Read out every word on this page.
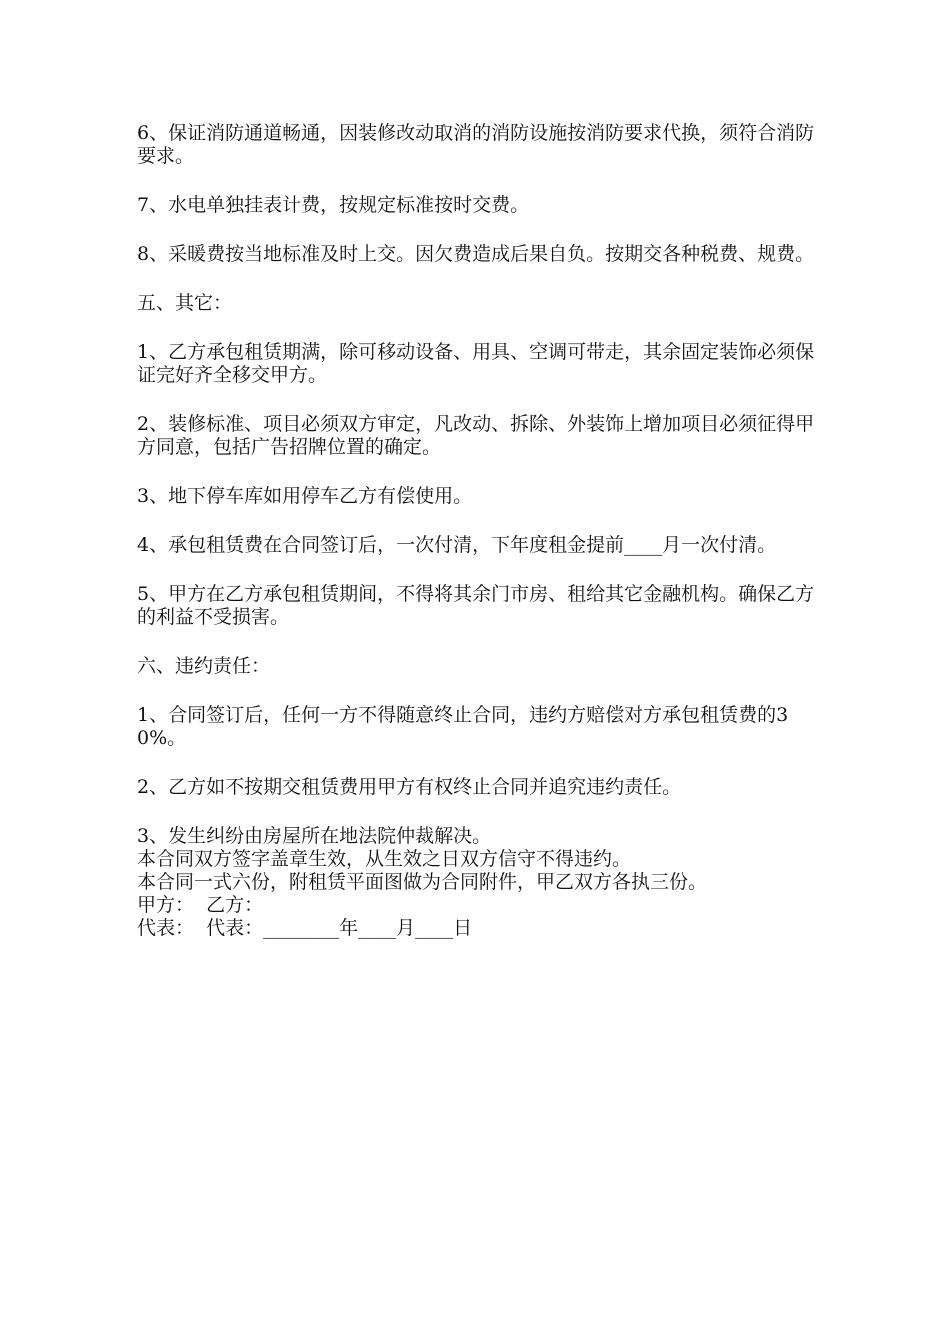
6、保证消防通道畅通，因装修改动取消的消防设施按消防要求代换，须符合消防要求。

7、水电单独挂表计费，按规定标准按时交费。

8、采暖费按当地标准及时上交。因欠费造成后果自负。按期交各种税费、规费。

五、其它：

1、乙方承包租赁期满，除可移动设备、用具、空调可带走，其余固定装饰必须保证完好齐全移交甲方。

2、装修标准、项目必须双方审定，凡改动、拆除、外装饰上增加项目必须征得甲方同意，包括广告招牌位置的确定。

3、地下停车库如用停车乙方有偿使用。

4、承包租赁费在合同签订后，一次付清，下年度租金提前____月一次付清。

5、甲方在乙方承包租赁期间，不得将其余门市房、租给其它金融机构。确保乙方的利益不受损害。

六、违约责任：

1、合同签订后，任何一方不得随意终止合同，违约方赔偿对方承包租赁费的30%。

2、乙方如不按期交租赁费用甲方有权终止合同并追究违约责任。

3、发生纠纷由房屋所在地法院仲裁解决。

本合同双方签字盖章生效，从生效之日双方信守不得违约。

本合同一式六份，附租赁平面图做为合同附件，甲乙双方各执三份。

甲方：  乙方：

代表：  代表：________年____月____日
